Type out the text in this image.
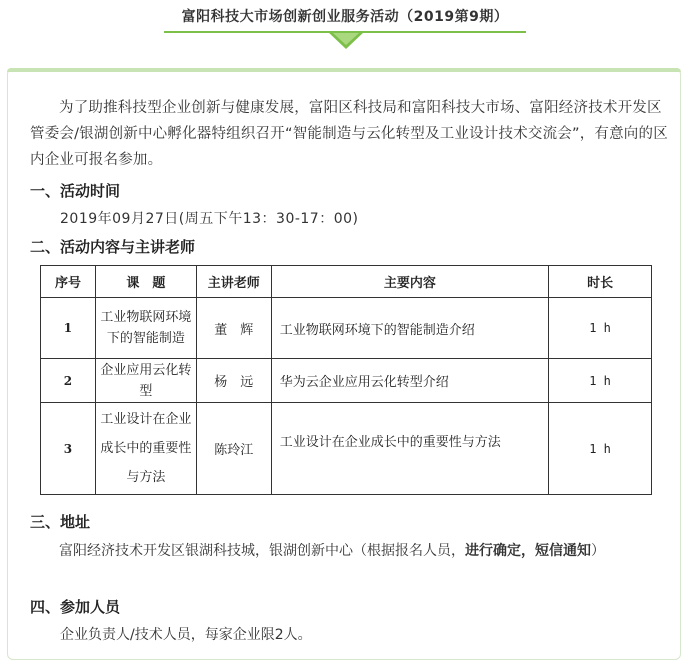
富阳科技大市场创新创业服务活动（2019第9期）
为了助推科技型企业创新与健康发展，富阳区科技局和富阳科技大市场、富阳经济技术开发区管委会/银湖创新中心孵化器特组织召开“智能制造与云化转型及工业设计技术交流会”，有意向的区内企业可报名参加。
一、活动时间
2019年09月27日(周五下午13：30-17：00)
二、活动内容与主讲老师
序号	课　题	主讲老师	主要内容	时长
1	工业物联网环境下的智能制造	董　辉	工业物联网环境下的智能制造介绍	1 h
2	企业应用云化转型	杨　远	华为云企业应用云化转型介绍	1 h
3	工业设计在企业成长中的重要性与方法	陈玲江	工业设计在企业成长中的重要性与方法	1 h
三、地址
富阳经济技术开发区银湖科技城，银湖创新中心（根据报名人员，进行确定，短信通知）
四、参加人员
企业负责人/技术人员，每家企业限2人。
